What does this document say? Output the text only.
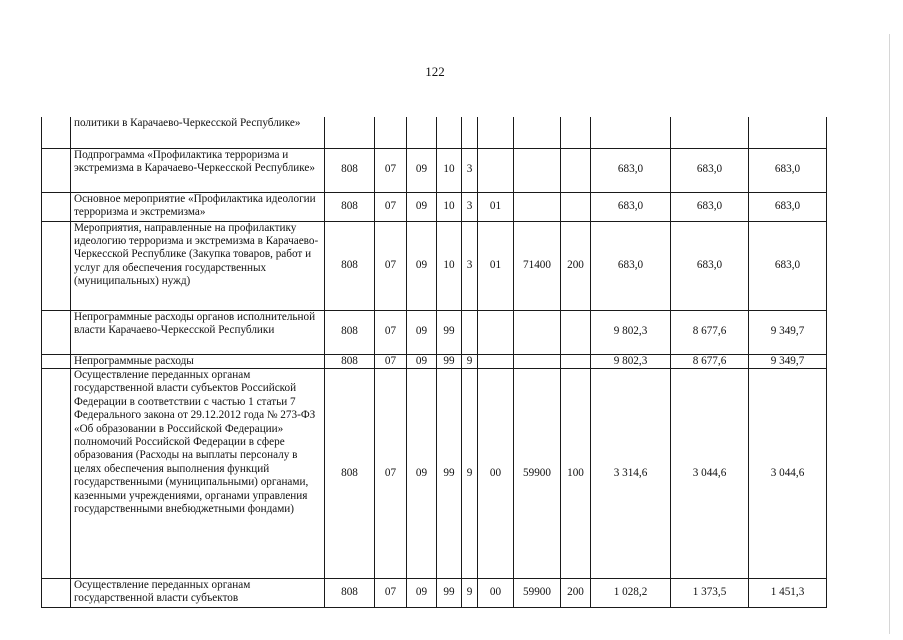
122
	политики в Карачаево-Черкесской Республике»											
	Подпрограмма «Профилактика терроризма и экстремизма в Карачаево-Черкесской Республике»	808	07	09	10	3				683,0	683,0	683,0
	Основное мероприятие «Профилактика идеологии терроризма и экстремизма»	808	07	09	10	3	01			683,0	683,0	683,0
	Мероприятия, направленные на профилактику идеологию терроризма и экстремизма в Карачаево-Черкесской Республике (Закупка товаров, работ и услуг для обеспечения государственных (муниципальных) нужд)	808	07	09	10	3	01	71400	200	683,0	683,0	683,0
	Непрограммные расходы органов исполнительной власти Карачаево-Черкесской Республики	808	07	09	99					9 802,3	8 677,6	9 349,7
	Непрограммные расходы	808	07	09	99	9				9 802,3	8 677,6	9 349,7
	Осуществление переданных органам государственной власти субъектов Российской Федерации в соответствии с частью 1 статьи 7 Федерального закона от 29.12.2012 года № 273-ФЗ «Об образовании в Российской Федерации» полномочий Российской Федерации в сфере образования (Расходы на выплаты персоналу в целях обеспечения выполнения функций государственными (муниципальными) органами, казенными учреждениями, органами управления государственными внебюджетными фондами)	808	07	09	99	9	00	59900	100	3 314,6	3 044,6	3 044,6
	Осуществление переданных органам государственной власти субъектов	808	07	09	99	9	00	59900	200	1 028,2	1 373,5	1 451,3
